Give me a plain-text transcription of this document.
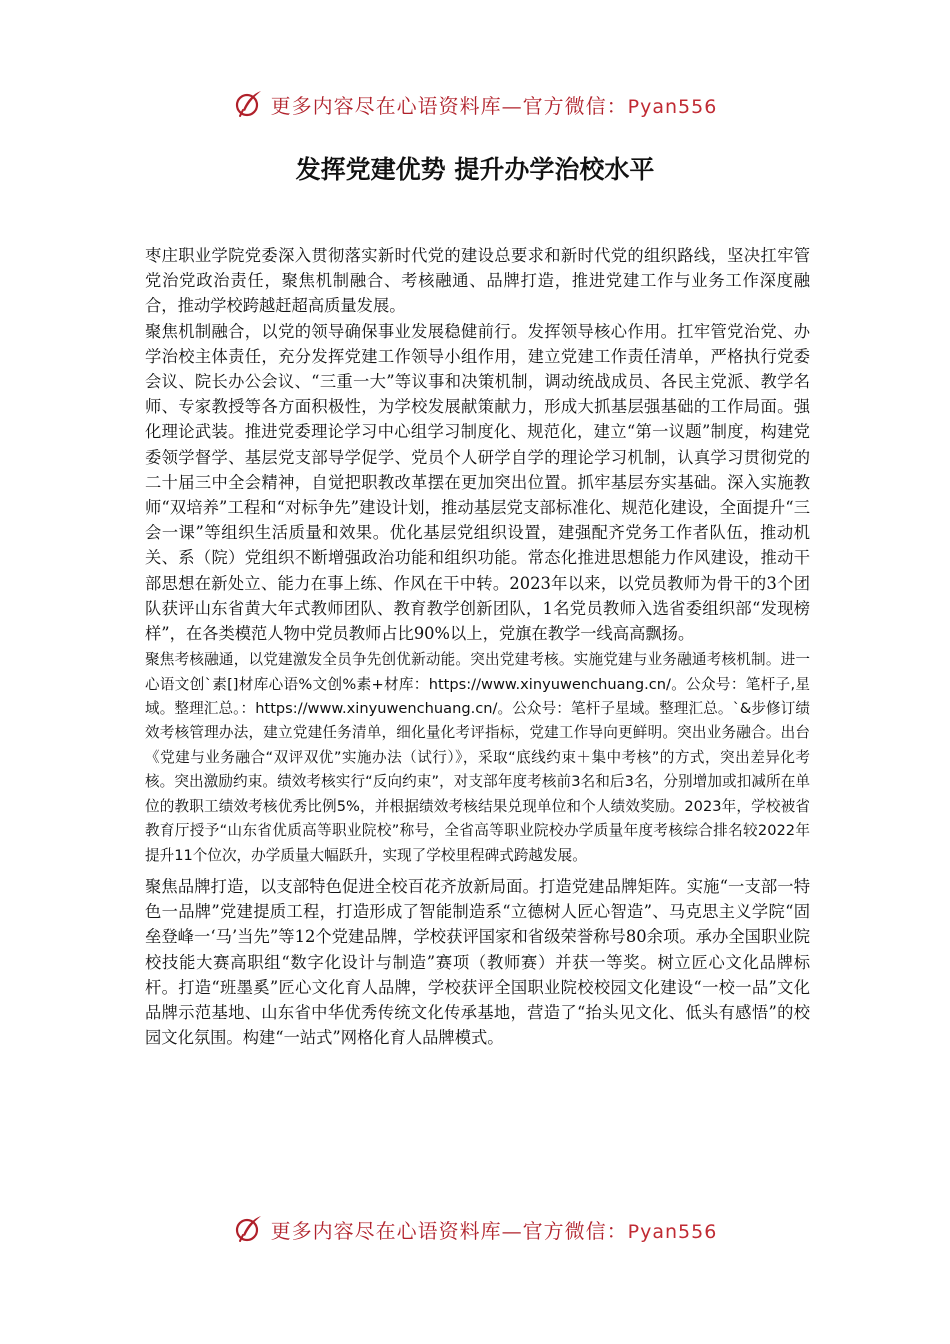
更多内容尽在心语资料库—官方微信：Pyan556
发挥党建优势 提升办学治校水平

枣庄职业学院党委深入贯彻落实新时代党的建设总要求和新时代党的组织路线，坚决扛牢管党治党政治责任，聚焦机制融合、考核融通、品牌打造，推进党建工作与业务工作深度融合，推动学校跨越赶超高质量发展。

聚焦机制融合，以党的领导确保事业发展稳健前行。发挥领导核心作用。扛牢管党治党、办学治校主体责任，充分发挥党建工作领导小组作用，建立党建工作责任清单，严格执行党委会议、院长办公会议、“三重一大”等议事和决策机制，调动统战成员、各民主党派、教学名师、专家教授等各方面积极性，为学校发展献策献力，形成大抓基层强基础的工作局面。强化理论武装。推进党委理论学习中心组学习制度化、规范化，建立“第一议题”制度，构建党委领学督学、基层党支部导学促学、党员个人研学自学的理论学习机制，认真学习贯彻党的二十届三中全会精神，自觉把职教改革摆在更加突出位置。抓牢基层夯实基础。深入实施教师“双培养”工程和“对标争先”建设计划，推动基层党支部标准化、规范化建设，全面提升“三会一课”等组织生活质量和效果。优化基层党组织设置，建强配齐党务工作者队伍，推动机关、系（院）党组织不断增强政治功能和组织功能。常态化推进思想能力作风建设，推动干部思想在新处立、能力在事上练、作风在干中转。2023年以来，以党员教师为骨干的3个团队获评山东省黄大年式教师团队、教育教学创新团队，1名党员教师入选省委组织部“发现榜样”，在各类模范人物中党员教师占比90%以上，党旗在教学一线高高飘扬。

聚焦考核融通，以党建激发全员争先创优新动能。突出党建考核。实施党建与业务融通考核机制。进一心语文创`素[]材库心语%文创%素+材库：https://www.xinyuwenchuang.cn/。公众号：笔杆子,星域。整理汇总。：https://www.xinyuwenchuang.cn/。公众号：笔杆子星域。整理汇总。`&步修订绩效考核管理办法，建立党建任务清单，细化量化考评指标，党建工作导向更鲜明。突出业务融合。出台《党建与业务融合“双评双优”实施办法（试行）》，采取“底线约束＋集中考核”的方式，突出差异化考核。突出激励约束。绩效考核实行“反向约束”，对支部年度考核前3名和后3名，分别增加或扣减所在单位的教职工绩效考核优秀比例5%，并根据绩效考核结果兑现单位和个人绩效奖励。2023年，学校被省教育厅授予“山东省优质高等职业院校”称号，全省高等职业院校办学质量年度考核综合排名较2022年提升11个位次，办学质量大幅跃升，实现了学校里程碑式跨越发展。

聚焦品牌打造，以支部特色促进全校百花齐放新局面。打造党建品牌矩阵。实施“一支部一特色一品牌”党建提质工程，打造形成了智能制造系“立德树人匠心智造”、马克思主义学院“固垒登峰一‘马’当先”等12个党建品牌，学校获评国家和省级荣誉称号80余项。承办全国职业院校技能大赛高职组“数字化设计与制造”赛项（教师赛）并获一等奖。树立匠心文化品牌标杆。打造“班墨奚”匠心文化育人品牌，学校获评全国职业院校校园文化建设“一校一品”文化品牌示范基地、山东省中华优秀传统文化传承基地，营造了“抬头见文化、低头有感悟”的校园文化氛围。构建“一站式”网格化育人品牌模式。

更多内容尽在心语资料库—官方微信：Pyan556
